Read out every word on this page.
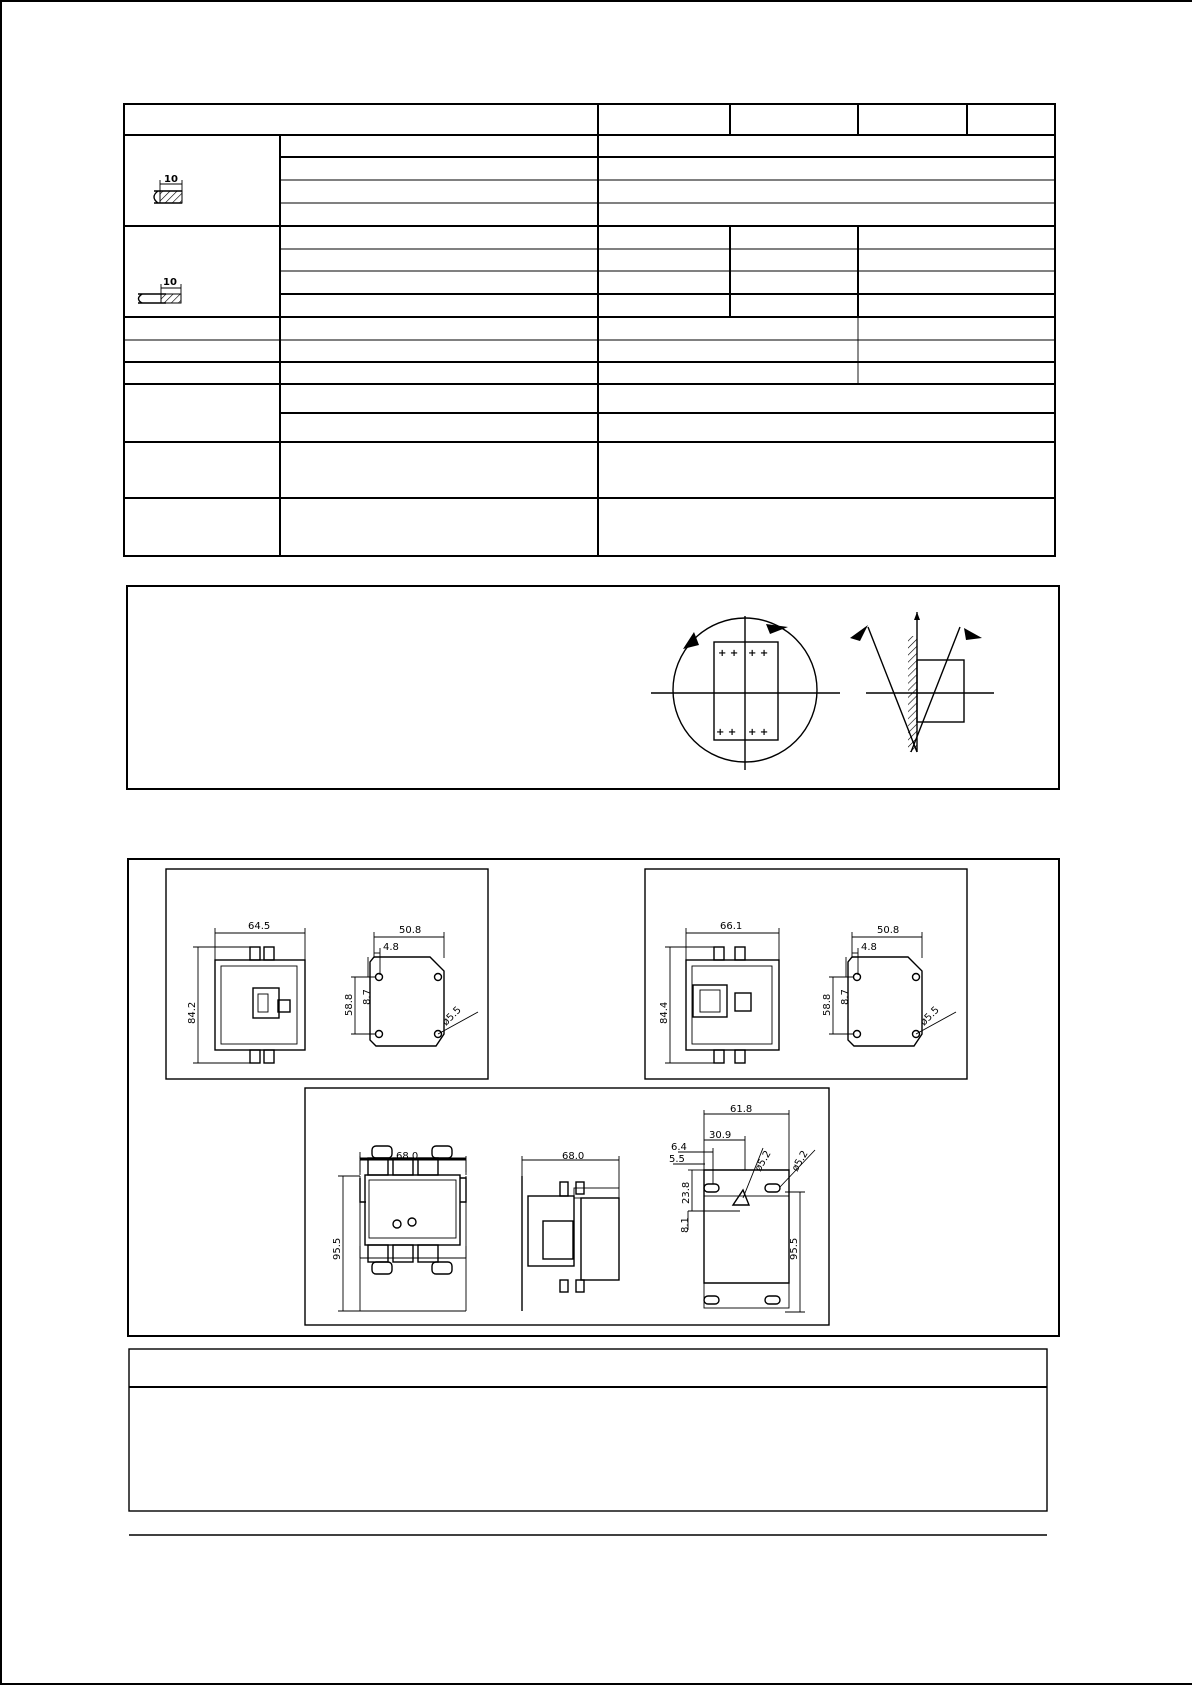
10
10
+ + + +
+ + + +
64.5
84.2
50.8
4.8
58.8 8.7
ø5.5
66.1
84.4
50.8
4.8
58.8 8.7
ø5.5
68.0
95.5
68.0
61.8
30.9
6.4
5.5
23.8
8.1
95.5
ø5.2 ø5.2
